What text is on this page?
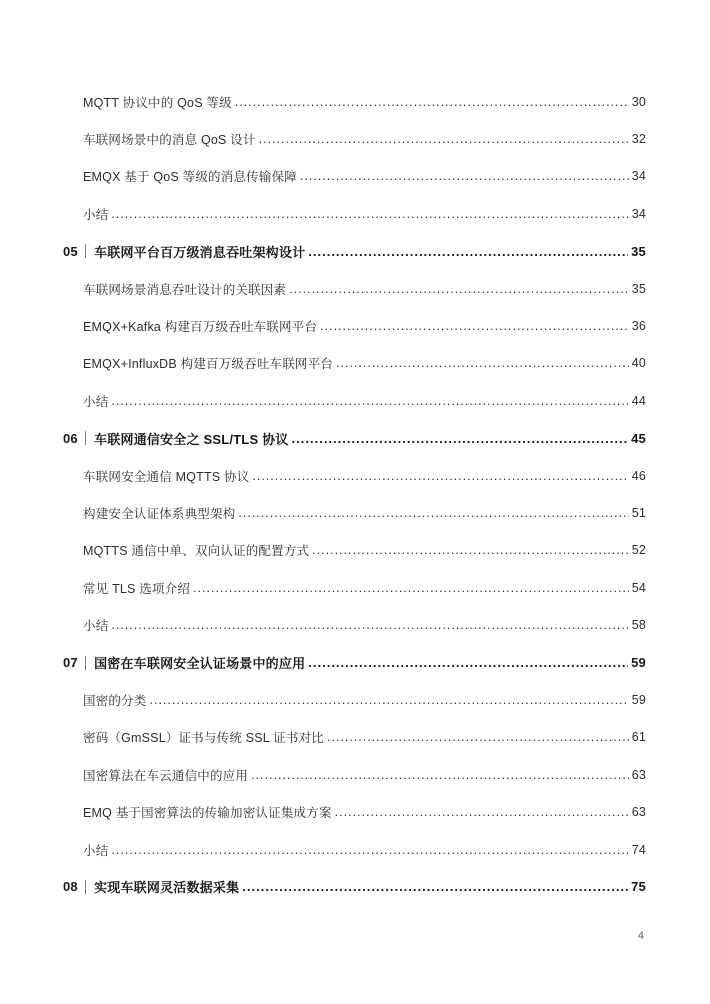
MQTT 协议中的 QoS 等级 .....	30
车联网场景中的消息 QoS 设计 .....	32
EMQX 基于 QoS 等级的消息传输保障 .....	34
小结 .....	34
05 车联网平台百万级消息吞吐架构设计 .....	35
车联网场景消息吞吐设计的关联因素 .....	35
EMQX+Kafka 构建百万级吞吐车联网平台 .....	36
EMQX+InfluxDB 构建百万级吞吐车联网平台 .....	40
小结 .....	44
06 车联网通信安全之 SSL/TLS 协议 .....	45
车联网安全通信 MQTTS 协议 .....	46
构建安全认证体系典型架构 .....	51
MQTTS 通信中单、双向认证的配置方式 .....	52
常见 TLS 选项介绍 .....	54
小结 .....	58
07 国密在车联网安全认证场景中的应用 .....	59
国密的分类 .....	59
密码（GmSSL）证书与传统 SSL 证书对比 .....	61
国密算法在车云通信中的应用 .....	63
EMQ 基于国密算法的传输加密认证集成方案 .....	63
小结 .....	74
08 实现车联网灵活数据采集 .....	75
4
